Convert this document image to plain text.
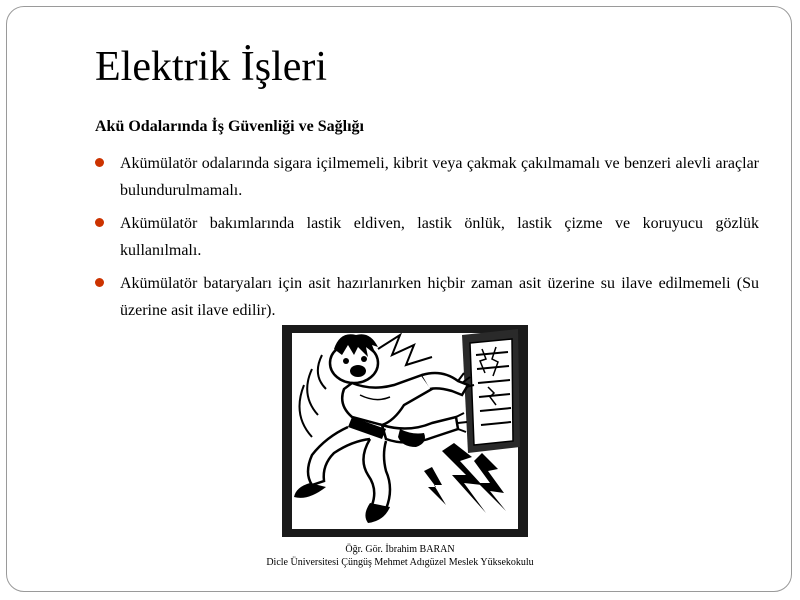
Elektrik İşleri
Akü Odalarında İş Güvenliği ve Sağlığı
Akümülatör odalarında sigara içilmemeli, kibrit veya çakmak çakılmamalı ve benzeri alevli araçlar bulundurulmamalı.
Akümülatör bakımlarında lastik eldiven, lastik önlük, lastik çizme ve koruyucu gözlük kullanılmalı.
Akümülatör bataryaları için asit hazırlanırken hiçbir zaman asit üzerine su ilave edilmemeli (Su üzerine asit ilave edilir).
Öğr. Gör. İbrahim BARAN
Dicle Üniversitesi Çüngüş Mehmet Adıgüzel Meslek Yüksekokulu
